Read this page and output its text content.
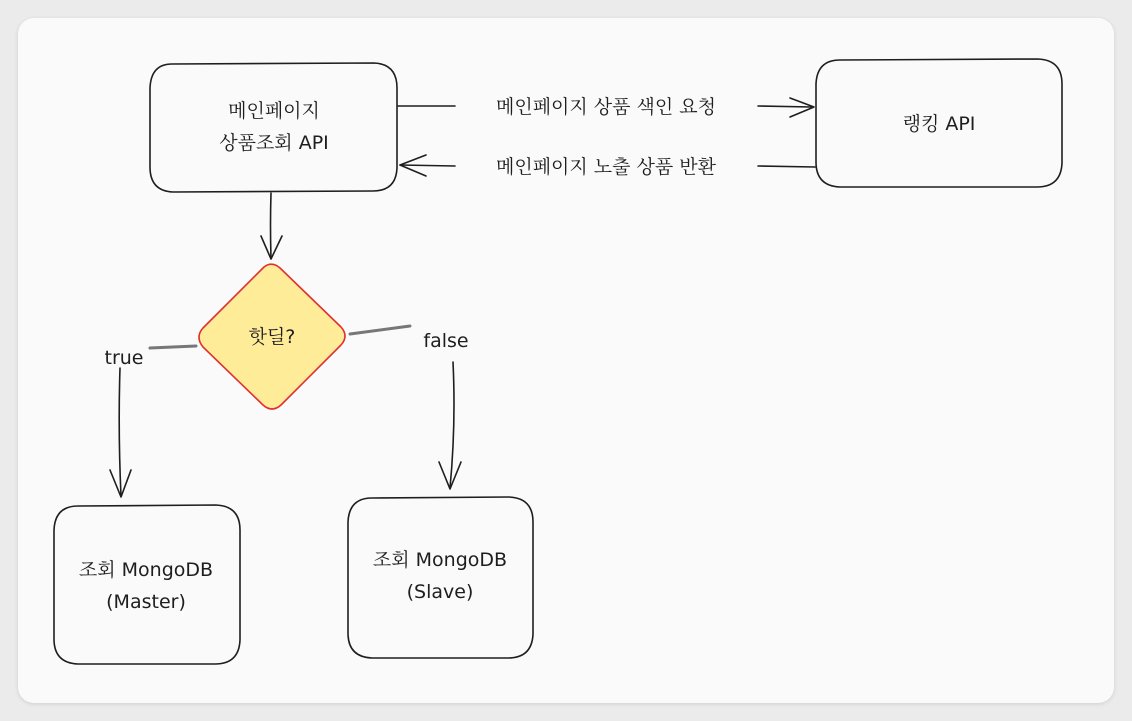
메인페이지
상품조회 API
랭킹 API
메인페이지 상품 색인 요청
메인페이지 노출 상품 반환
핫딜?
true
false
조회 MongoDB
(Master)
조회 MongoDB
(Slave)
